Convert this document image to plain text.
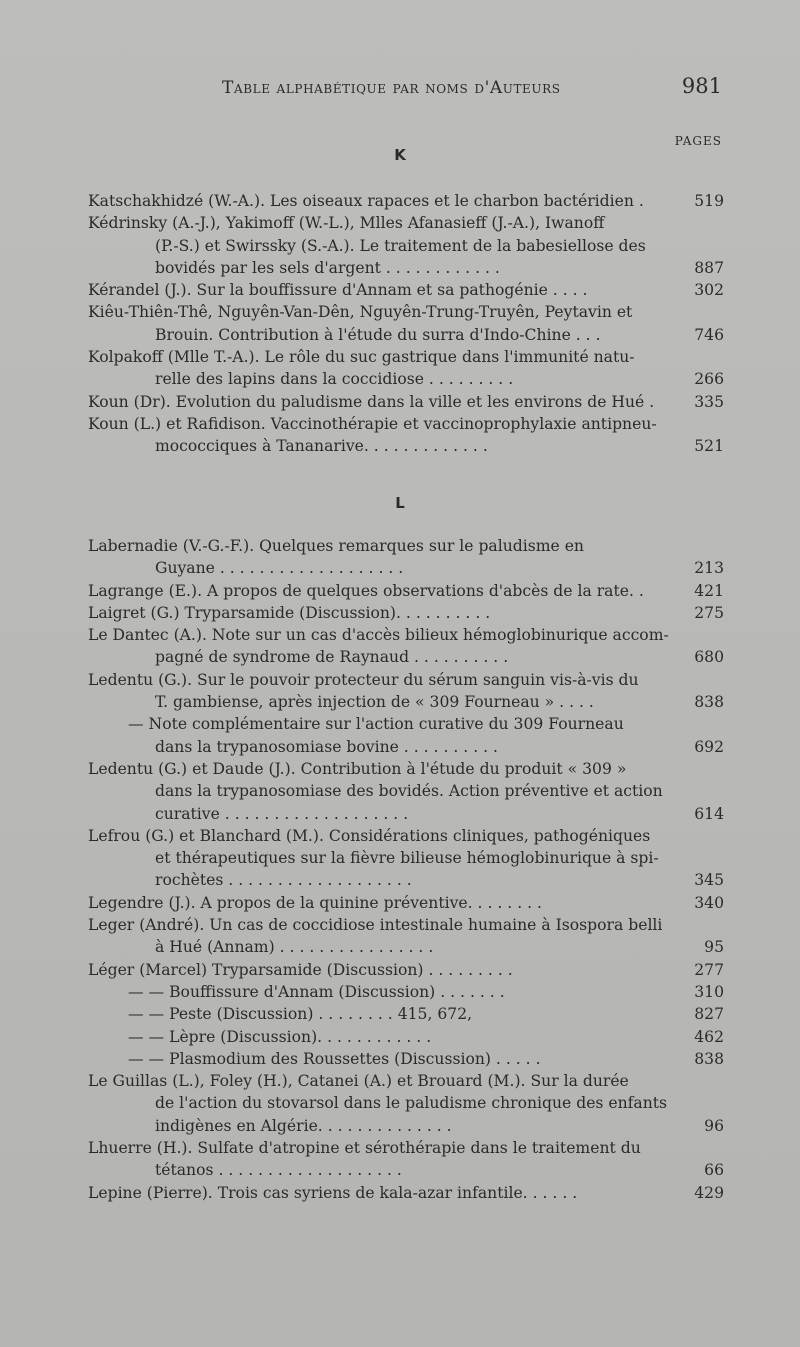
Table alphabétique par noms d'Auteurs	981
PAGES
K
Katschakhidzé (W.-A.). Les oiseaux rapaces et le charbon bactéridien .	519
Kédrinsky (A.-J.), Yakimoff (W.-L.), Mlles Afanasieff (J.-A.), Iwanoff
(P.-S.) et Swirssky (S.-A.). Le traitement de la babesiellose des
bovidés par les sels d'argent . . . . . . . . . . . .	887
Kérandel (J.). Sur la bouffissure d'Annam et sa pathogénie . . . .	302
Kiêu-Thiên-Thê, Nguyên-Van-Dên, Nguyên-Trung-Truyên, Peytavin et
Brouin. Contribution à l'étude du surra d'Indo-Chine . . .	746
Kolpakoff (Mlle T.-A.). Le rôle du suc gastrique dans l'immunité natu-
relle des lapins dans la coccidiose . . . . . . . . .	266
Koun (Dr). Evolution du paludisme dans la ville et les environs de Hué .	335
Koun (L.) et Rafidison. Vaccinothérapie et vaccinoprophylaxie antipneu-
mococciques à Tananarive. . . . . . . . . . . . .	521
L
Labernadie (V.-G.-F.). Quelques remarques sur le paludisme en
Guyane . . . . . . . . . . . . . . . . . . .	213
Lagrange (E.). A propos de quelques observations d'abcès de la rate. .	421
Laigret (G.) Tryparsamide (Discussion). . . . . . . . . .	275
Le Dantec (A.). Note sur un cas d'accès bilieux hémoglobinurique accom-
pagné de syndrome de Raynaud . . . . . . . . . .	680
Ledentu (G.). Sur le pouvoir protecteur du sérum sanguin vis-à-vis du
T. gambiense, après injection de « 309 Fourneau » . . . .	838
— Note complémentaire sur l'action curative du 309 Fourneau
dans la trypanosomiase bovine . . . . . . . . . .	692
Ledentu (G.) et Daude (J.). Contribution à l'étude du produit « 309 »
dans la trypanosomiase des bovidés. Action préventive et action
curative . . . . . . . . . . . . . . . . . . .	614
Lefrou (G.) et Blanchard (M.). Considérations cliniques, pathogéniques
et thérapeutiques sur la fièvre bilieuse hémoglobinurique à spi-
rochètes . . . . . . . . . . . . . . . . . . .	345
Legendre (J.). A propos de la quinine préventive. . . . . . . .	340
Leger (André). Un cas de coccidiose intestinale humaine à Isospora belli
à Hué (Annam) . . . . . . . . . . . . . . . .	95
Léger (Marcel) Tryparsamide (Discussion) . . . . . . . . .	277
— — Bouffissure d'Annam (Discussion) . . . . . . .	310
— — Peste (Discussion) . . . . . . . . 415, 672,	827
— — Lèpre (Discussion). . . . . . . . . . . .	462
— — Plasmodium des Roussettes (Discussion) . . . . .	838
Le Guillas (L.), Foley (H.), Catanei (A.) et Brouard (M.). Sur la durée
de l'action du stovarsol dans le paludisme chronique des enfants
indigènes en Algérie. . . . . . . . . . . . . .	96
Lhuerre (H.). Sulfate d'atropine et sérothérapie dans le traitement du
tétanos . . . . . . . . . . . . . . . . . . .	66
Lepine (Pierre). Trois cas syriens de kala-azar infantile. . . . . .	429
